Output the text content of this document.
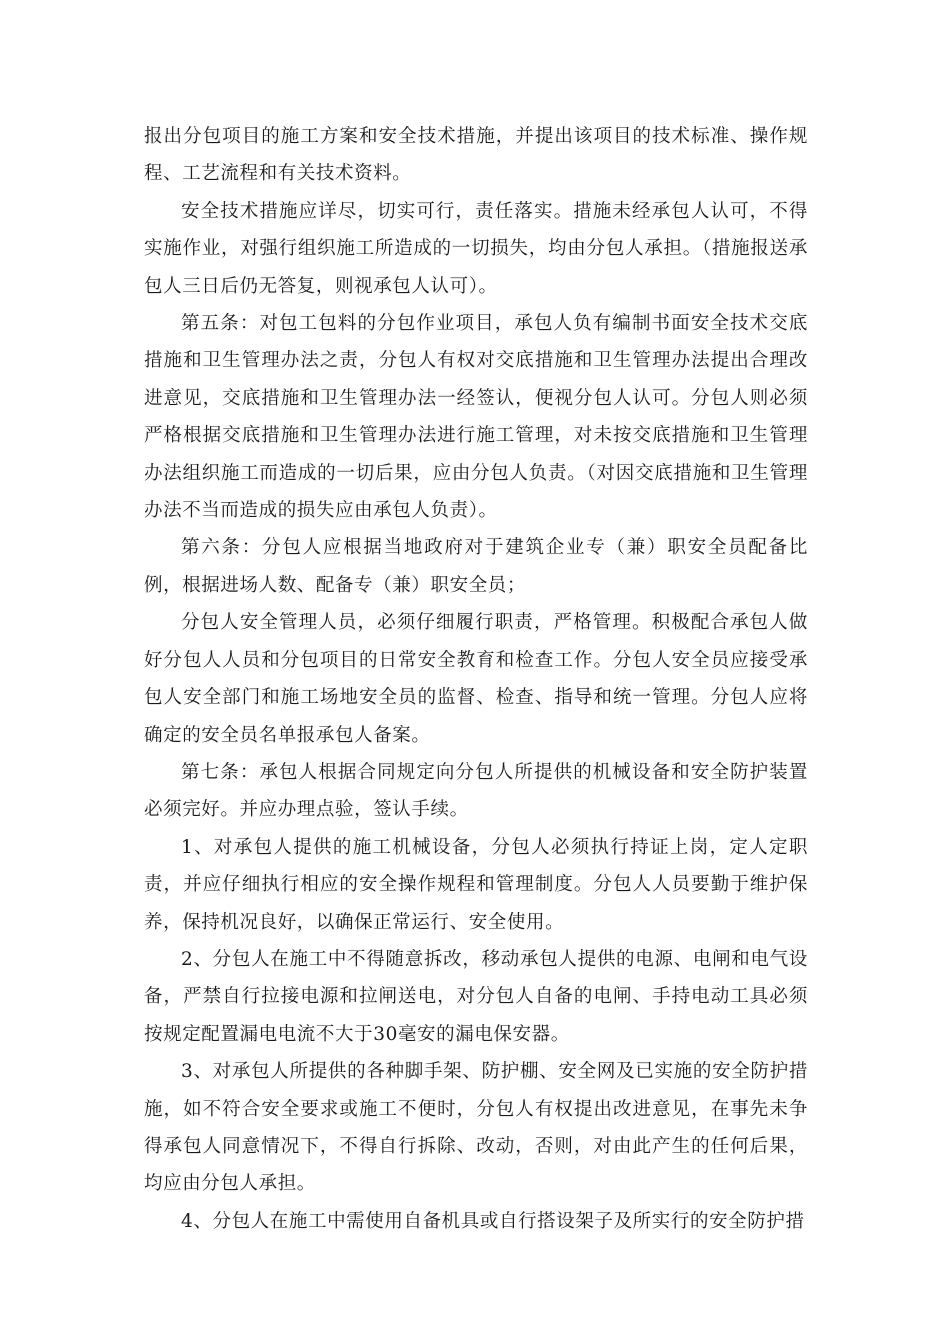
报出分包项目的施工方案和安全技术措施，并提出该项目的技术标准、操作规程、工艺流程和有关技术资料。

安全技术措施应详尽，切实可行，责任落实。措施未经承包人认可，不得实施作业，对强行组织施工所造成的一切损失，均由分包人承担。（措施报送承包人三日后仍无答复，则视承包人认可）。

第五条：对包工包料的分包作业项目，承包人负有编制书面安全技术交底措施和卫生管理办法之责，分包人有权对交底措施和卫生管理办法提出合理改进意见，交底措施和卫生管理办法一经签认，便视分包人认可。分包人则必须严格根据交底措施和卫生管理办法进行施工管理，对未按交底措施和卫生管理办法组织施工而造成的一切后果，应由分包人负责。（对因交底措施和卫生管理办法不当而造成的损失应由承包人负责）。

第六条：分包人应根据当地政府对于建筑企业专（兼）职安全员配备比例，根据进场人数、配备专（兼）职安全员；

分包人安全管理人员，必须仔细履行职责，严格管理。积极配合承包人做好分包人人员和分包项目的日常安全教育和检查工作。分包人安全员应接受承包人安全部门和施工场地安全员的监督、检查、指导和统一管理。分包人应将确定的安全员名单报承包人备案。

第七条：承包人根据合同规定向分包人所提供的机械设备和安全防护装置必须完好。并应办理点验，签认手续。

1、对承包人提供的施工机械设备，分包人必须执行持证上岗，定人定职责，并应仔细执行相应的安全操作规程和管理制度。分包人人员要勤于维护保养，保持机况良好，以确保正常运行、安全使用。

2、分包人在施工中不得随意拆改，移动承包人提供的电源、电闸和电气设备，严禁自行拉接电源和拉闸送电，对分包人自备的电闸、手持电动工具必须按规定配置漏电电流不大于30毫安的漏电保安器。

3、对承包人所提供的各种脚手架、防护棚、安全网及已实施的安全防护措施，如不符合安全要求或施工不便时，分包人有权提出改进意见，在事先未争得承包人同意情况下，不得自行拆除、改动，否则，对由此产生的任何后果，均应由分包人承担。

4、分包人在施工中需使用自备机具或自行搭设架子及所实行的安全防护措
